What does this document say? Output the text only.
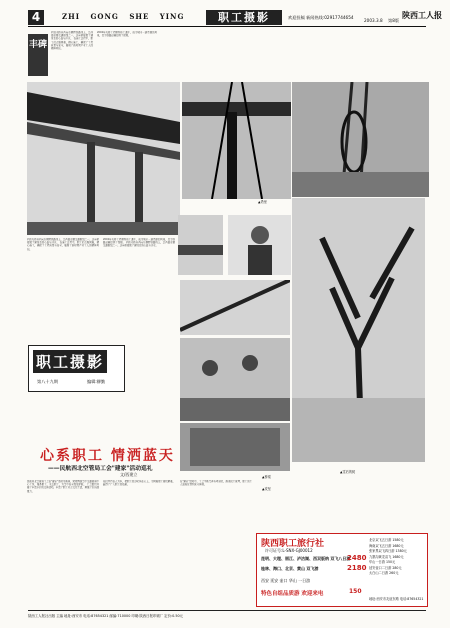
4	ZHI GONG SHE YING	职工摄影	欢迎投稿 新闻热线:02917744654
2003.3.8 第8版
陕西工人报
丰碑
西铁天桥自西向东横跨铁路线上，是西部重要交通枢纽之一。这座桥凝聚了建设者的心血与汗水。 在施工过程中，职工们克服困难，精心施工，确保了工程质量与安全，展现了新时期产业工人的精神风貌。
2002年天桥工程顺利竣工通车，成为城市一道亮丽的风景，也为铁路运输提供了保障。
▲塔里
▲雪后的树
▲攻坚
▲桥梁
西铁天桥自西向东横跨铁路线上，是西部重要交通枢纽之一。这座桥凝聚了建设者的心血与汗水。 在施工过程中，职工们克服困难，精心施工，确保了工程质量与安全，展现了新时期产业工人的精神风貌。
2002年天桥工程顺利竣工通车，成为城市一道亮丽的风景，也为铁路运输提供了保障。 西铁天桥自西向东横跨铁路线上，是西部重要交通枢纽之一。这座桥凝聚了建设者的心血与汗水。
职工摄影
第八十九期	编辑:柳勤
心系职工 情洒蓝天
——民航西北空管局工会"建家"活动巡礼
文/西建立
民航西北空管局工会以"建家"活动为载体，紧紧围绕空中交通管制中心工作，服务职工、关爱职工，为空中安全保驾护航。 工会组织开展了丰富多彩的文体活动，丰富了职工业余文化生活，增强了队伍凝聚力。
他们坚持以人为本，把职工的冷暖挂在心上，为困难职工排忧解难，赢得了广大职工的信赖。
在"建家"活动中，工会不断完善各项制度，推进民主管理，职工的主人翁地位得到充分体现。
陕西职工旅行社
许可证号:L-SNX-GJ00012
昆明、大理、丽江、泸沽湖、西双版纳 双飞八日游
2480
桂林、海口、北京、黄山 双飞游	2180
西安 延安 壶口 华山 一日游
特色自组品质游 欢迎来电	150
北京双飞五日游 1580元
海南双飞五日游 1680元
张家界双飞四日游 1380元
九寨沟黄龙双飞 1680元
华山一日游 150元
延安壶口二日游 280元
太白山二日游 260元
地址:西安市友谊东路 电话:87654321
陕西工人报社出版 主编 地址:西安市 电话:87654321 邮编:710000 印刷:陕西日报印刷厂 定价:0.50元
